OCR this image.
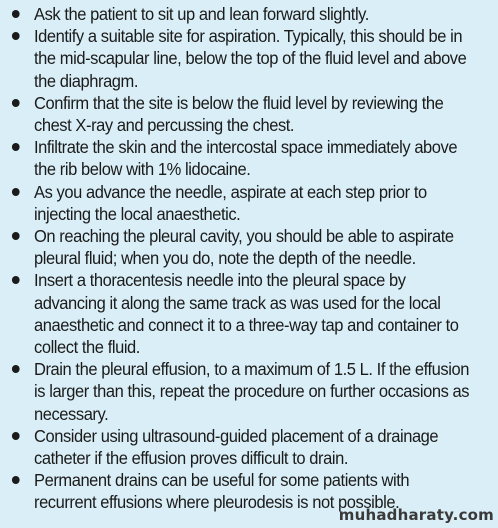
Ask the patient to sit up and lean forward slightly.
Identify a suitable site for aspiration. Typically, this should be in the mid-scapular line, below the top of the fluid level and above the diaphragm.
Confirm that the site is below the fluid level by reviewing the chest X-ray and percussing the chest.
Infiltrate the skin and the intercostal space immediately above the rib below with 1% lidocaine.
As you advance the needle, aspirate at each step prior to injecting the local anaesthetic.
On reaching the pleural cavity, you should be able to aspirate pleural fluid; when you do, note the depth of the needle.
Insert a thoracentesis needle into the pleural space by advancing it along the same track as was used for the local anaesthetic and connect it to a three-way tap and container to collect the fluid.
Drain the pleural effusion, to a maximum of 1.5 L. If the effusion is larger than this, repeat the procedure on further occasions as necessary.
Consider using ultrasound-guided placement of a drainage catheter if the effusion proves difficult to drain.
Permanent drains can be useful for some patients with recurrent effusions where pleurodesis is not possible.
muhadharaty.com
